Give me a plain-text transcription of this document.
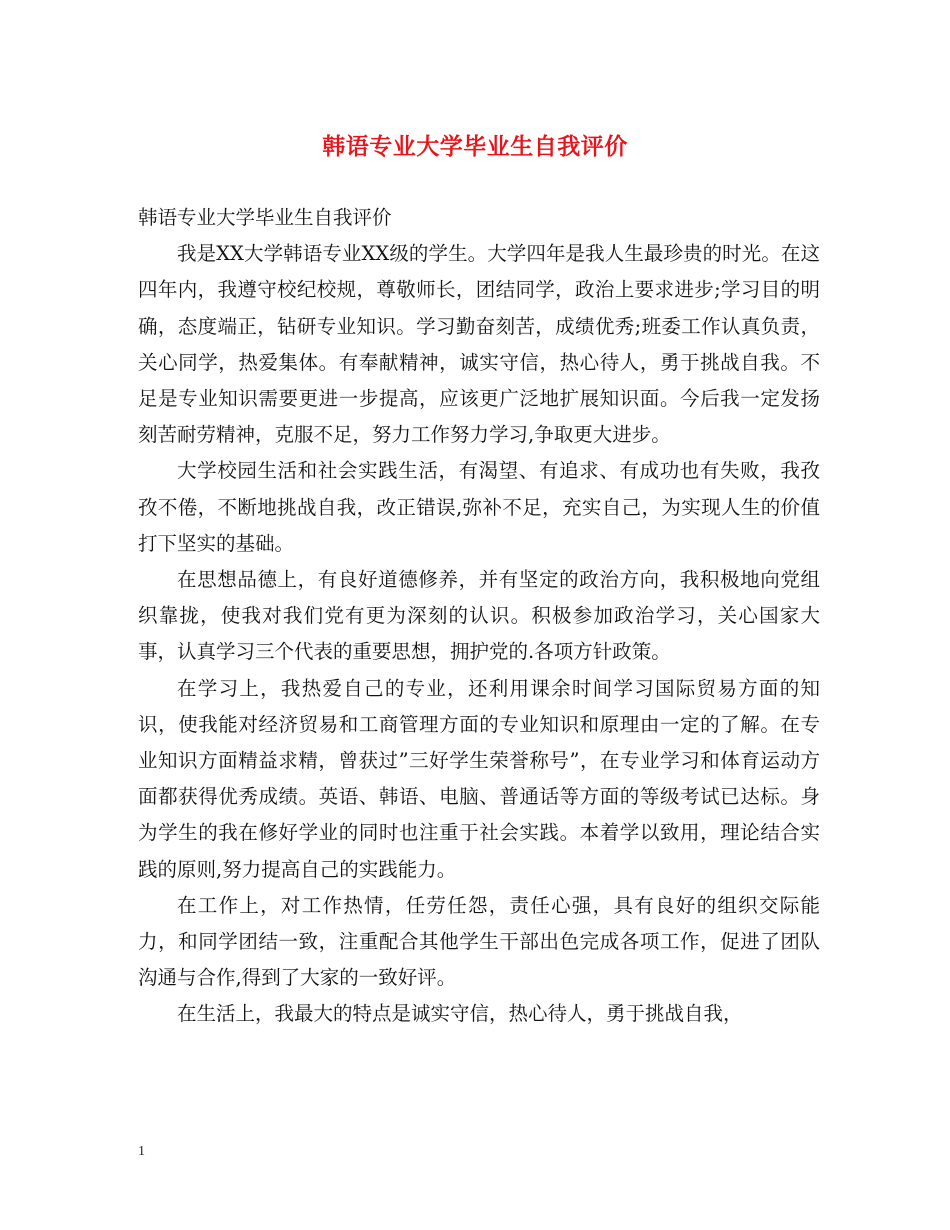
韩语专业大学毕业生自我评价

韩语专业大学毕业生自我评价

我是XX大学韩语专业XX级的学生。大学四年是我人生最珍贵的时光。在这四年内，我遵守校纪校规，尊敬师长，团结同学，政治上要求进步;学习目的明确，态度端正，钻研专业知识。学习勤奋刻苦，成绩优秀;班委工作认真负责，关心同学，热爱集体。有奉献精神，诚实守信，热心待人，勇于挑战自我。不足是专业知识需要更进一步提高，应该更广泛地扩展知识面。今后我一定发扬刻苦耐劳精神，克服不足，努力工作努力学习,争取更大进步。

大学校园生活和社会实践生活，有渴望、有追求、有成功也有失败，我孜孜不倦，不断地挑战自我，改正错误,弥补不足，充实自己，为实现人生的价值打下坚实的基础。

在思想品德上，有良好道德修养，并有坚定的政治方向，我积极地向党组织靠拢，使我对我们党有更为深刻的认识。积极参加政治学习，关心国家大事，认真学习三个代表的重要思想，拥护党的.各项方针政策。

在学习上，我热爱自己的专业，还利用课余时间学习国际贸易方面的知识，使我能对经济贸易和工商管理方面的专业知识和原理由一定的了解。在专业知识方面精益求精，曾获过”三好学生荣誉称号”，在专业学习和体育运动方面都获得优秀成绩。英语、韩语、电脑、普通话等方面的等级考试已达标。身为学生的我在修好学业的同时也注重于社会实践。本着学以致用，理论结合实践的原则,努力提高自己的实践能力。

在工作上，对工作热情，任劳任怨，责任心强，具有良好的组织交际能力，和同学团结一致，注重配合其他学生干部出色完成各项工作，促进了团队沟通与合作,得到了大家的一致好评。

在生活上，我最大的特点是诚实守信，热心待人，勇于挑战自我，

1
